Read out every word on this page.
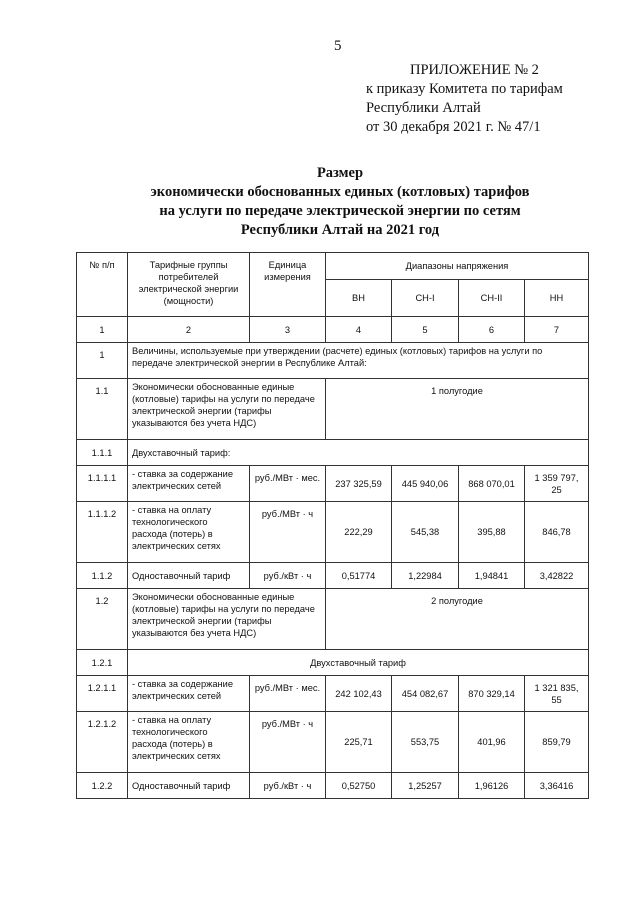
5
ПРИЛОЖЕНИЕ № 2
к приказу Комитета по тарифам
Республики Алтай
от 30 декабря 2021 г. № 47/1
Размер
экономически обоснованных единых (котловых) тарифов
на услуги по передаче электрической энергии по сетям
Республики Алтай на 2021 год
№ п/п	Тарифные группы потребителей электрической энергии (мощности)	Единица измерения	Диапазоны напряжения			
			ВН	СН-I	СН-II	НН
1	2	3	4	5	6	7
1	Величины, используемые при утверждении (расчете) единых (котловых) тарифов на услуги по передаче электрической энергии в Республике Алтай:					
1.1	Экономически обоснованные единые (котловые) тарифы на услуги по передаче электрической энергии (тарифы указываются без учета НДС)		1 полугодие			
1.1.1	Двухставочный тариф:					
1.1.1.1	- ставка за содержание электрических сетей	руб./МВт · мес.	237 325,59	445 940,06	868 070,01	1 359 797, 25
1.1.1.2	- ставка на оплату технологического расхода (потерь) в электрических сетях	руб./МВт · ч	222,29	545,38	395,88	846,78
1.1.2	Одноставочный тариф	руб./кВт · ч	0,51774	1,22984	1,94841	3,42822
1.2	Экономически обоснованные единые (котловые) тарифы на услуги по передаче электрической энергии (тарифы указываются без учета НДС)		2 полугодие			
1.2.1	Двухставочный тариф					
1.2.1.1	- ставка за содержание электрических сетей	руб./МВт · мес.	242 102,43	454 082,67	870 329,14	1 321 835, 55
1.2.1.2	- ставка на оплату технологического расхода (потерь) в электрических сетях	руб./МВт · ч	225,71	553,75	401,96	859,79
1.2.2	Одноставочный тариф	руб./кВт · ч	0,52750	1,25257	1,96126	3,36416
